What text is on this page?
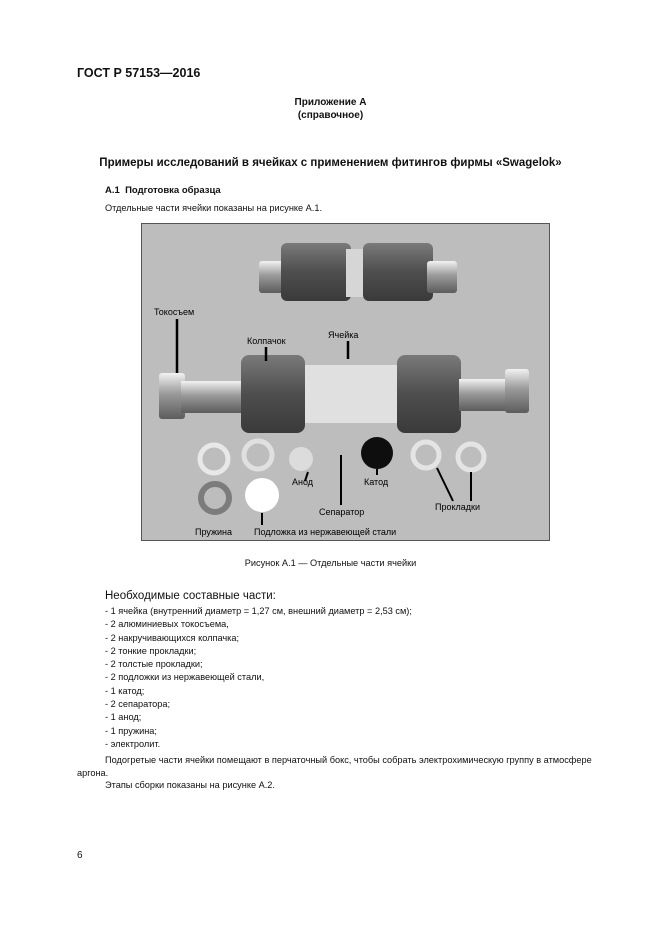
ГОСТ Р 57153—2016
Приложение А
(справочное)
Примеры исследований в ячейках с применением фитингов фирмы «Swagelok»
А.1 Подготовка образца
Отдельные части ячейки показаны на рисунке А.1.
Токосъем
Колпачок
Ячейка
Анод	Катод
Сепаратор	Прокладки
Пружина Подложка из нержавеющей стали
Рисунок А.1 — Отдельные части ячейки
Необходимые составные части:
- 1 ячейка (внутренний диаметр = 1,27 см, внешний диаметр = 2,53 см);
- 2 алюминиевых токосъема,
- 2 накручивающихся колпачка;
- 2 тонкие прокладки;
- 2 толстые прокладки;
- 2 подложки из нержавеющей стали,
- 1 катод;
- 2 сепаратора;
- 1 анод;
- 1 пружина;
- электролит.
Подогретые части ячейки помещают в перчаточный бокс, чтобы собрать электрохимическую группу в атмосфере аргона.
Этапы сборки показаны на рисунке А.2.
6
